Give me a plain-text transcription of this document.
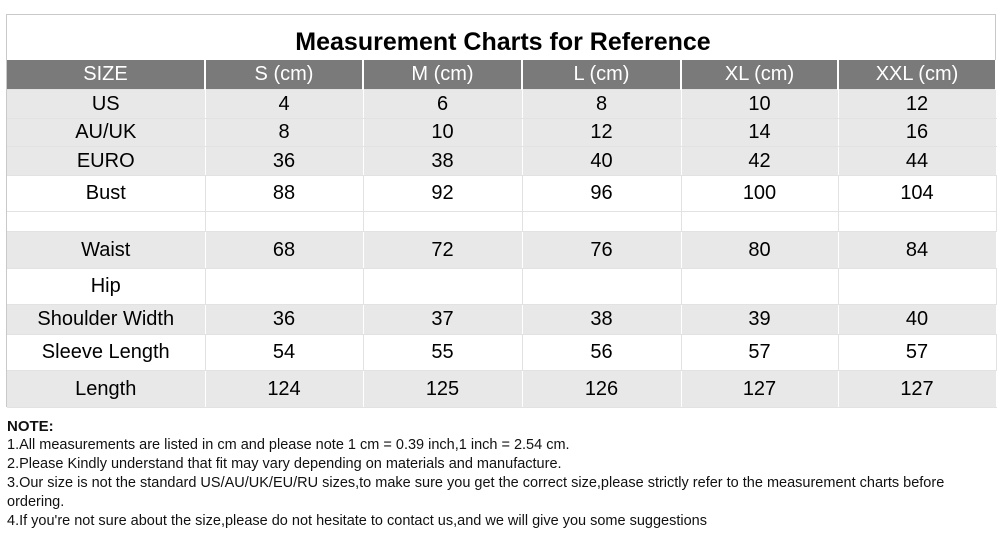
Measurement Charts for Reference
SIZE	S (cm)	M (cm)	L (cm)	XL (cm)	XXL (cm)
US	4	6	8	10	12
AU/UK	8	10	12	14	16
EURO	36	38	40	42	44
Bust	88	92	96	100	104

Waist	68	72	76	80	84
Hip					
Shoulder Width	36	37	38	39	40
Sleeve Length	54	55	56	57	57
Length	124	125	126	127	127
NOTE:
1.All measurements are listed in cm and please note 1 cm = 0.39 inch,1 inch = 2.54 cm.
2.Please Kindly understand that fit may vary depending on materials and manufacture.
3.Our size is not the standard US/AU/UK/EU/RU sizes,to make sure you get the correct size,please strictly refer to the measurement charts before ordering.
4.If you're not sure about the size,please do not hesitate to contact us,and we will give you some suggestions
